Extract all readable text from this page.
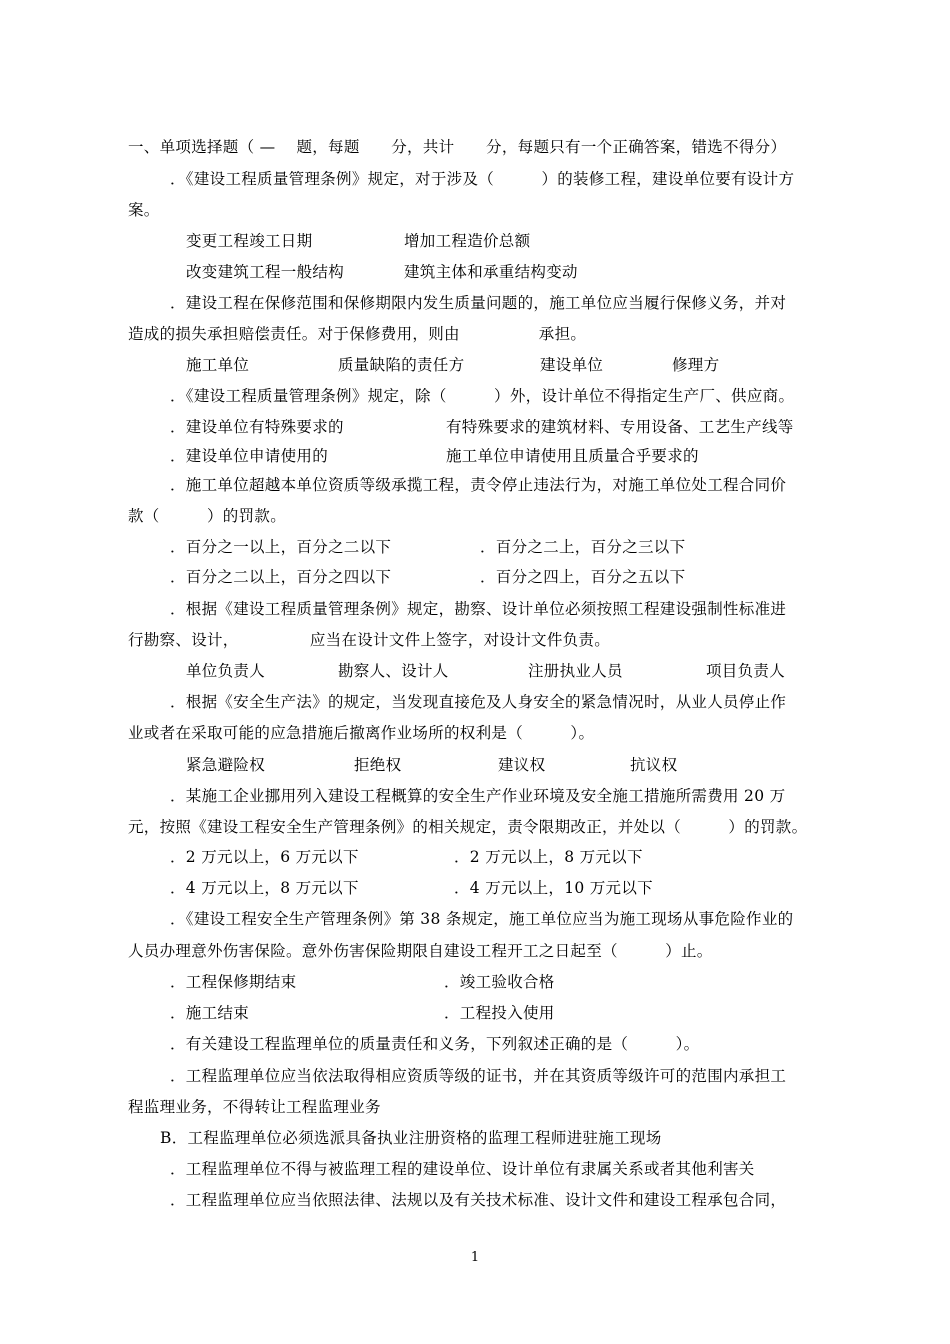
一、单项选择题（ — 　题，每题　　分，共计　　分，每题只有一个正确答案，错选不得分）
．《建设工程质量管理条例》规定，对于涉及（　　　）的装修工程，建设单位要有设计方
案。
变更工程竣工日期	增加工程造价总额
改变建筑工程一般结构	建筑主体和承重结构变动
．建设工程在保修范围和保修期限内发生质量问题的，施工单位应当履行保修义务，并对
造成的损失承担赔偿责任。对于保修费用，则由　　　　　承担。
施工单位	质量缺陷的责任方	建设单位	修理方
．《建设工程质量管理条例》规定，除（　　　）外，设计单位不得指定生产厂、供应商。
．建设单位有特殊要求的	有特殊要求的建筑材料、专用设备、工艺生产线等
．建设单位申请使用的	施工单位申请使用且质量合乎要求的
．施工单位超越本单位资质等级承揽工程，责令停止违法行为，对施工单位处工程合同价
款（　　　）的罚款。
．百分之一以上，百分之二以下	．百分之二上，百分之三以下
．百分之二以上，百分之四以下	．百分之四上，百分之五以下
．根据《建设工程质量管理条例》规定，勘察、设计单位必须按照工程建设强制性标准进
行勘察、设计，　　　　　应当在设计文件上签字，对设计文件负责。
单位负责人	勘察人、设计人	注册执业人员	项目负责人
．根据《安全生产法》的规定，当发现直接危及人身安全的紧急情况时，从业人员停止作
业或者在采取可能的应急措施后撤离作业场所的权利是（　　　）。
紧急避险权	拒绝权	建议权	抗议权
．某施工企业挪用列入建设工程概算的安全生产作业环境及安全施工措施所需费用 20 万
元，按照《建设工程安全生产管理条例》的相关规定，责令限期改正，并处以（　　　）的罚款。
．2 万元以上，6 万元以下	．2 万元以上，8 万元以下
．4 万元以上，8 万元以下	．4 万元以上，10 万元以下
．《建设工程安全生产管理条例》第 38 条规定，施工单位应当为施工现场从事危险作业的
人员办理意外伤害保险。意外伤害保险期限自建设工程开工之日起至（　　　）止。
．工程保修期结束	．竣工验收合格
．施工结束	．工程投入使用
．有关建设工程监理单位的质量责任和义务，下列叙述正确的是（　　　）。
．工程监理单位应当依法取得相应资质等级的证书，并在其资质等级许可的范围内承担工
程监理业务，不得转让工程监理业务
B．工程监理单位必须选派具备执业注册资格的监理工程师进驻施工现场
．工程监理单位不得与被监理工程的建设单位、设计单位有隶属关系或者其他利害关
．工程监理单位应当依照法律、法规以及有关技术标准、设计文件和建设工程承包合同，
1
